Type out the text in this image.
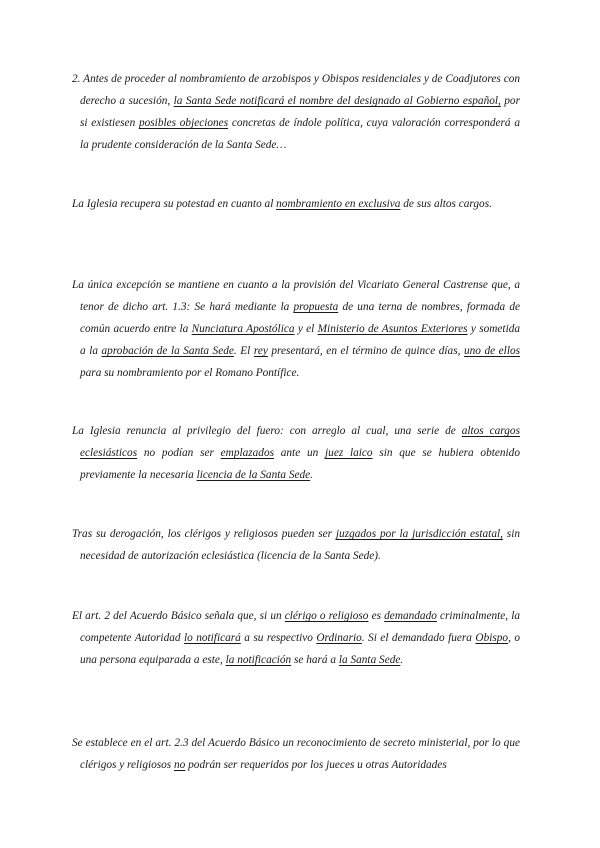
2. Antes de proceder al nombramiento de arzobispos y Obispos residenciales y de Coadjutores con derecho a sucesión, la Santa Sede notificará el nombre del designado al Gobierno español, por si existiesen posibles objeciones concretas de índole política, cuya valoración corresponderá a la prudente consideración de la Santa Sede…
La Iglesia recupera su potestad en cuanto al nombramiento en exclusiva de sus altos cargos.
La única excepción se mantiene en cuanto a la provisión del Vicariato General Castrense que, a tenor de dicho art. 1.3: Se hará mediante la propuesta de una terna de nombres, formada de común acuerdo entre la Nunciatura Apostólica y el Ministerio de Asuntos Exteriores y sometida a la aprobación de la Santa Sede. El rey presentará, en el término de quince días, uno de ellos para su nombramiento por el Romano Pontífice.
La Iglesia renuncia al privilegio del fuero: con arreglo al cual, una serie de altos cargos eclesiásticos no podían ser emplazados ante un juez laico sin que se hubiera obtenido previamente la necesaria licencia de la Santa Sede.
Tras su derogación, los clérigos y religiosos pueden ser juzgados por la jurisdicción estatal, sin necesidad de autorización eclesiástica (licencia de la Santa Sede).
El art. 2 del Acuerdo Básico señala que, si un clérigo o religioso es demandado criminalmente, la competente Autoridad lo notificará a su respectivo Ordinario. Si el demandado fuera Obispo, o una persona equiparada a este, la notificación se hará a la Santa Sede.
Se establece en el art. 2.3 del Acuerdo Básico un reconocimiento de secreto ministerial, por lo que clérigos y religiosos no podrán ser requeridos por los jueces u otras Autoridades
